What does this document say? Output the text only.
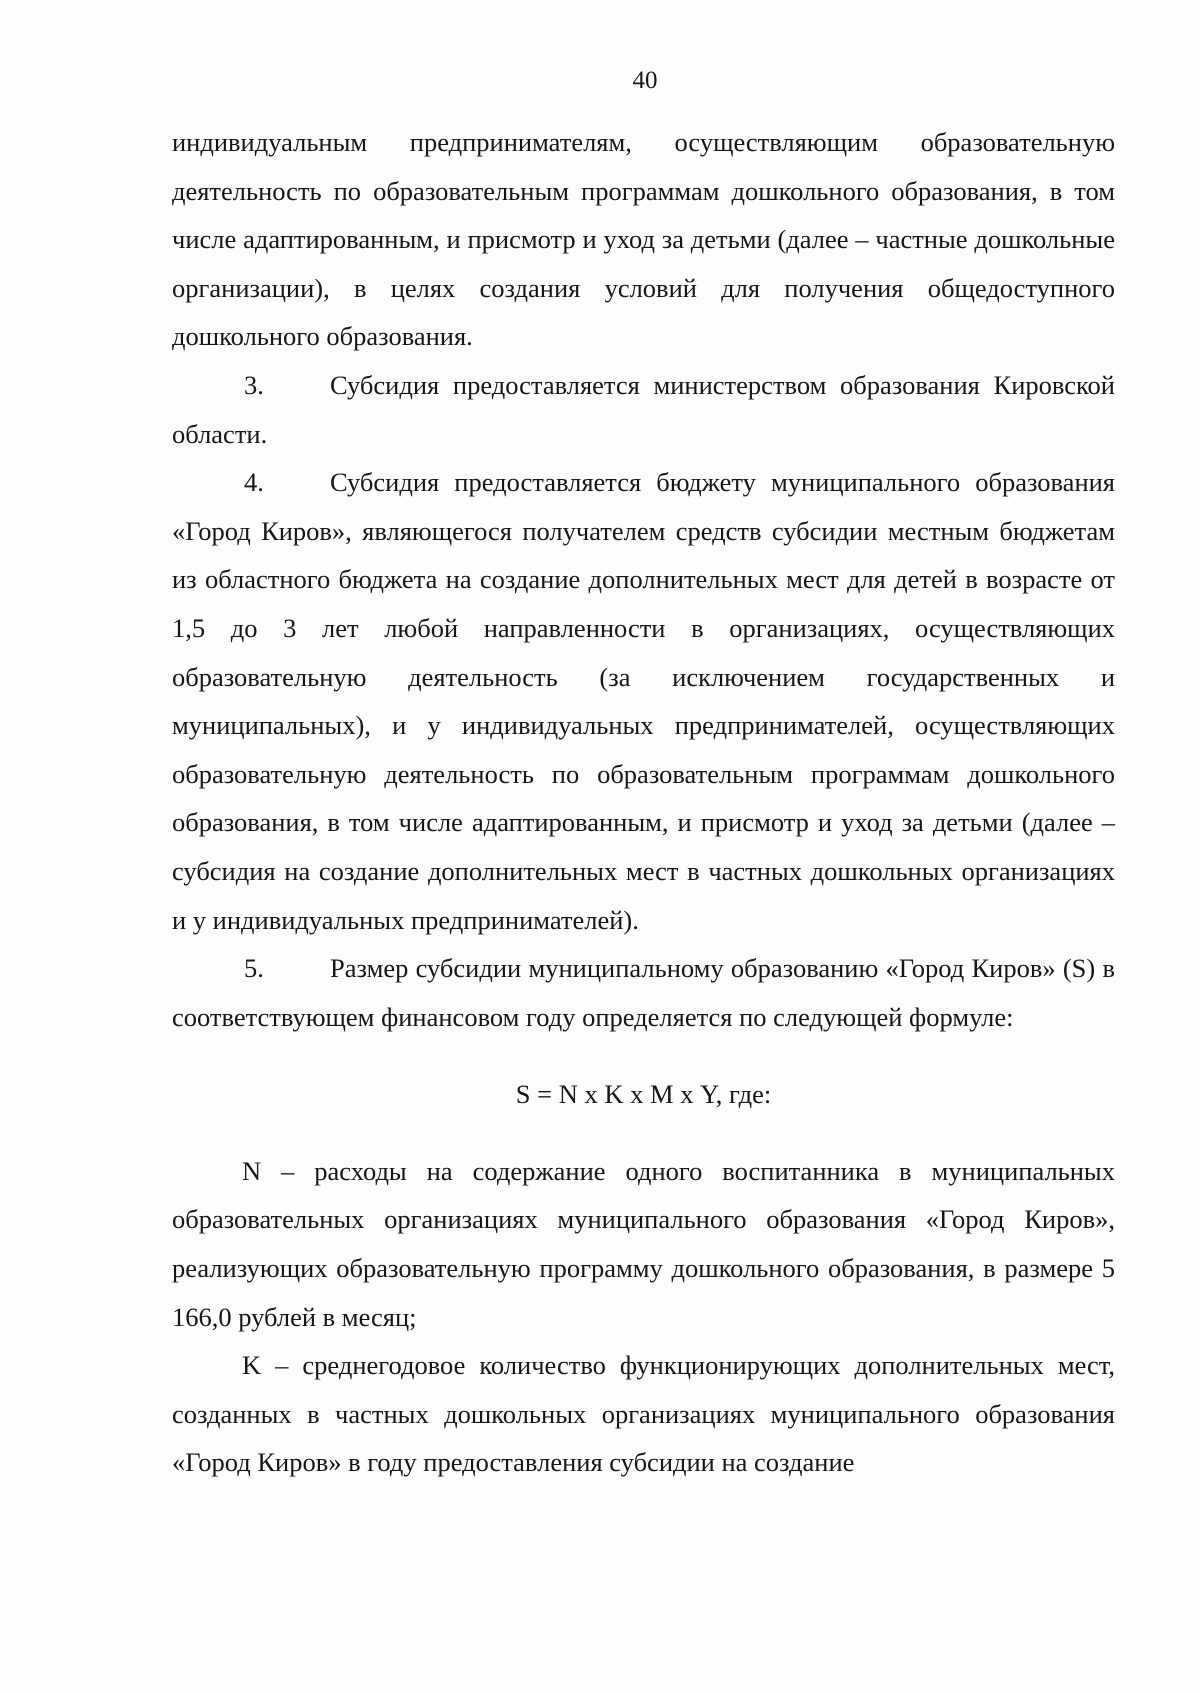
40

индивидуальным предпринимателям, осуществляющим образовательную деятельность по образовательным программам дошкольного образования, в том числе адаптированным, и присмотр и уход за детьми (далее – частные дошкольные организации), в целях создания условий для получения общедоступного дошкольного образования.

3. Субсидия предоставляется министерством образования Кировской области.

4. Субсидия предоставляется бюджету муниципального образования «Город Киров», являющегося получателем средств субсидии местным бюджетам из областного бюджета на создание дополнительных мест для детей в возрасте от 1,5 до 3 лет любой направленности в организациях, осуществляющих образовательную деятельность (за исключением государственных и муниципальных), и у индивидуальных предпринимателей, осуществляющих образовательную деятельность по образовательным программам дошкольного образования, в том числе адаптированным, и присмотр и уход за детьми (далее – субсидия на создание дополнительных мест в частных дошкольных организациях и у индивидуальных предпринимателей).

5. Размер субсидии муниципальному образованию «Город Киров» (S) в соответствующем финансовом году определяется по следующей формуле:

S = N х K х M х Y, где:

N – расходы на содержание одного воспитанника в муниципальных образовательных организациях муниципального образования «Город Киров», реализующих образовательную программу дошкольного образования, в размере 5 166,0 рублей в месяц;

K – среднегодовое количество функционирующих дополнительных мест, созданных в частных дошкольных организациях муниципального образования «Город Киров» в году предоставления субсидии на создание
